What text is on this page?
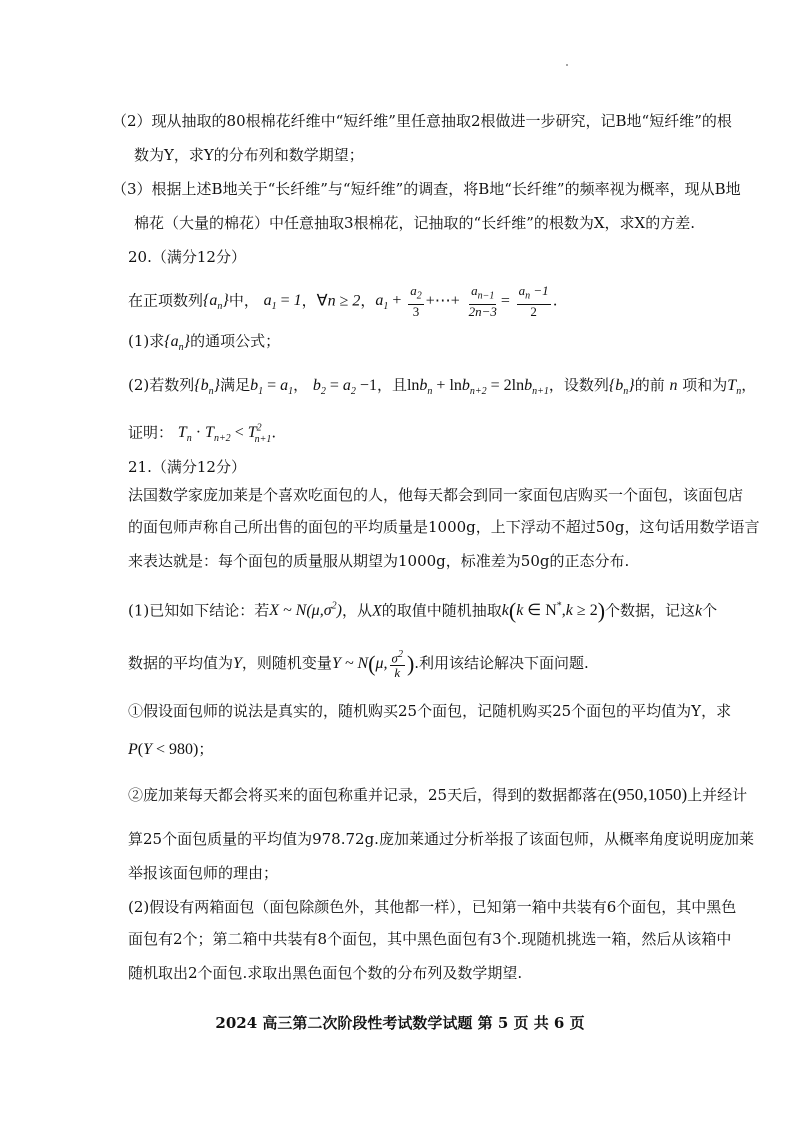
（2）现从抽取的80根棉花纤维中“短纤维”里任意抽取2根做进一步研究，记B地“短纤维”的根
数为Y，求Y的分布列和数学期望；
（3）根据上述B地关于“长纤维”与“短纤维”的调查，将B地“长纤维”的频率视为概率，现从B地
棉花（大量的棉花）中任意抽取3根棉花，记抽取的“长纤维”的根数为X，求X的方差.
20.（满分12分）
在正项数列$\{a_n\}$中， $a_1 = 1$，∀n ≥ 2，$a_1 + \frac{a_2}{3}$ +⋯+ $\frac{a_{n-1}}{2n-3} = \frac{a_n -1}{2}$ .
(1)求$\{a_n\}$的通项公式；
(2)若数列$\{b_n\}$满足$b_1 = a_1$， $b_2 = a_2 -1$，且lnb$_n$ + lnb$_{n+2}$ = 2lnb$_{n+1}$，设数列$\{b_n\}$的前 n 项和为$T_n$，
证明： $T_n \cdot T_{n+2} < T^2_{n+1}$.
21.（满分12分）
法国数学家庞加莱是个喜欢吃面包的人，他每天都会到同一家面包店购买一个面包，该面包店
的面包师声称自己所出售的面包的平均质量是1000g，上下浮动不超过50g，这句话用数学语言
来表达就是：每个面包的质量服从期望为1000g，标准差为50g的正态分布.
(1)已知如下结论：若X ~ $N(\mu,\sigma^2)$，从X的取值中随机抽取k(k ∈ N*,k ≥ 2)个数据，记这k个
数据的平均值为Y，则随机变量Y ~ N(μ, $\frac{\sigma^2}{k}$ ).利用该结论解决下面问题.
①假设面包师的说法是真实的，随机购买25个面包，记随机购买25个面包的平均值为Y，求
P(Y < 980)；
②庞加莱每天都会将买来的面包称重并记录，25天后，得到的数据都落在(950,1050)上并经计
算25个面包质量的平均值为978.72g.庞加莱通过分析举报了该面包师，从概率角度说明庞加莱
举报该面包师的理由；
(2)假设有两箱面包（面包除颜色外，其他都一样），已知第一箱中共装有6个面包，其中黑色
面包有2个；第二箱中共装有8个面包，其中黑色面包有3个.现随机挑选一箱，然后从该箱中
随机取出2个面包.求取出黑色面包个数的分布列及数学期望.
2024 高三第二次阶段性考试数学试题 第 5 页 共 6 页
